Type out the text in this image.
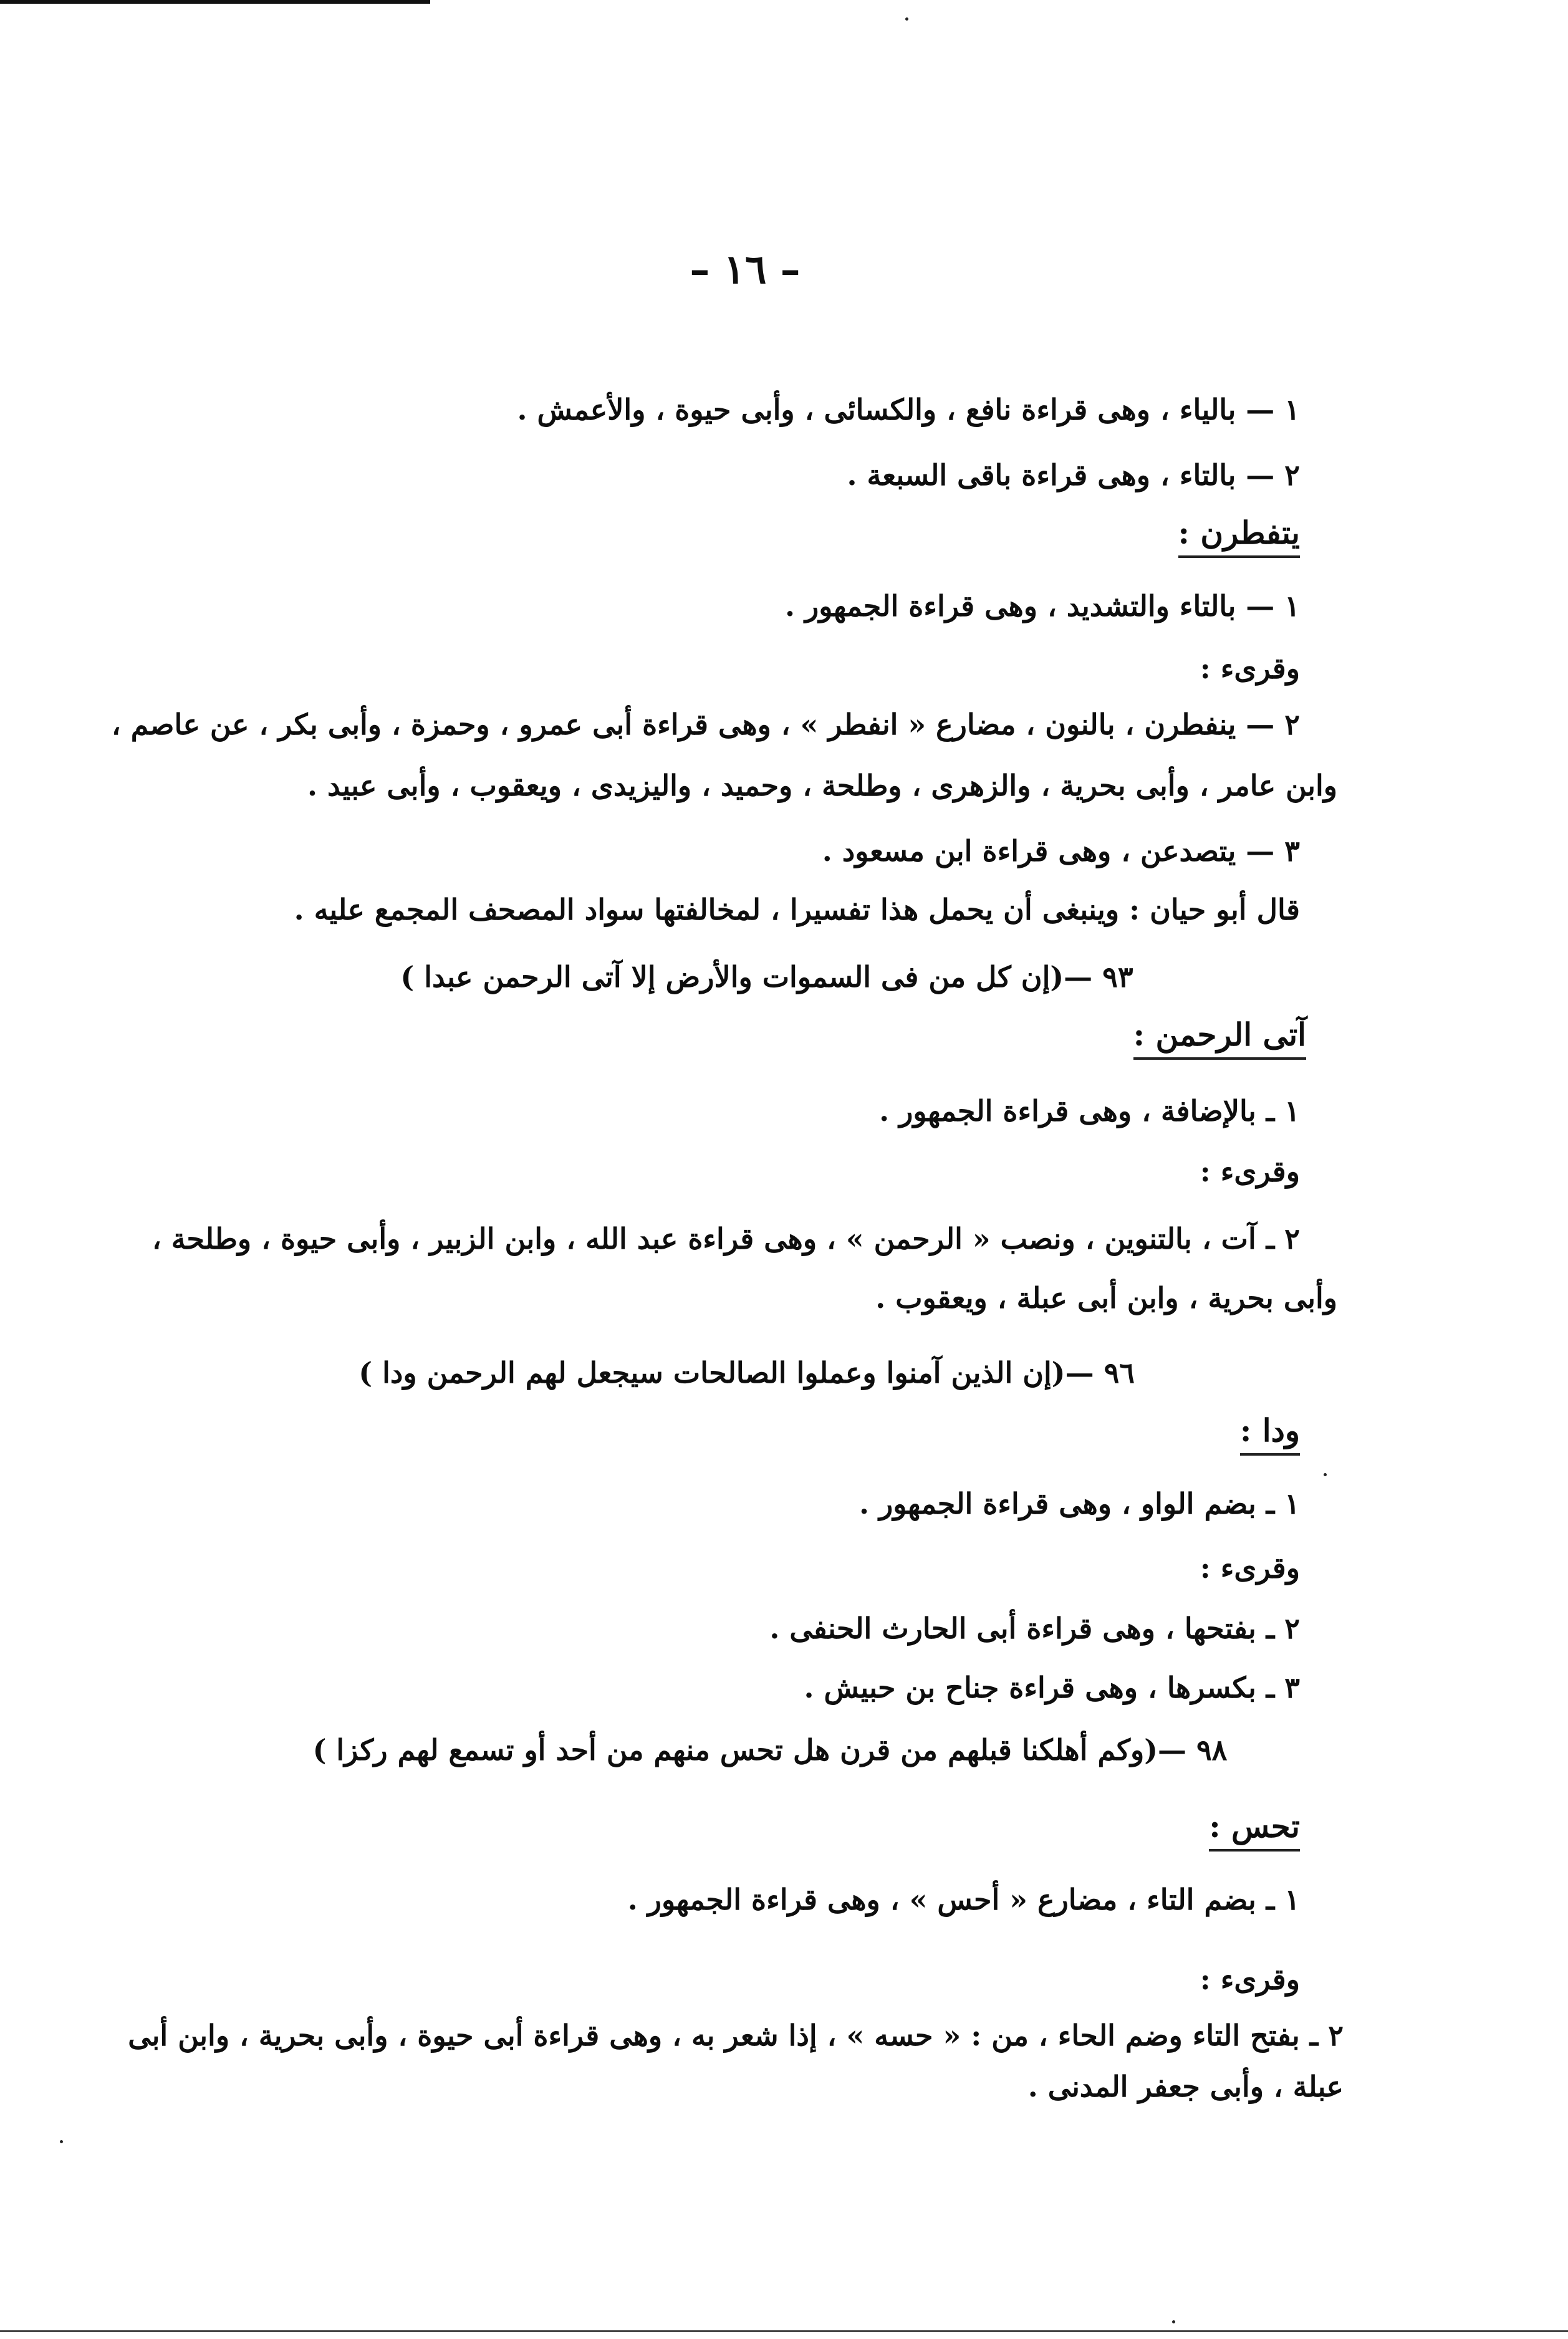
– ١٦ –
١ — بالياء ، وهى قراءة نافع ، والكسائى ، وأبى حيوة ، والأعمش .
٢ — بالتاء ، وهى قراءة باقى السبعة .
يتفطرن :
١ — بالتاء والتشديد ، وهى قراءة الجمهور .
وقرىء :
٢ — ينفطرن ، بالنون ، مضارع « انفطر » ، وهى قراءة أبى عمرو ، وحمزة ، وأبى بكر ، عن عاصم ،
وابن عامر ، وأبى بحرية ، والزهرى ، وطلحة ، وحميد ، واليزيدى ، ويعقوب ، وأبى عبيد .
٣ — يتصدعن ، وهى قراءة ابن مسعود .
قال أبو حيان : وينبغى أن يحمل هذا تفسيرا ، لمخالفتها سواد المصحف المجمع عليه .
٩٣ —(إن كل من فى السموات والأرض إلا آتى الرحمن عبدا )
آتى الرحمن :
١ ـ بالإضافة ، وهى قراءة الجمهور .
وقرىء :
٢ ـ آت ، بالتنوين ، ونصب « الرحمن » ، وهى قراءة عبد الله ، وابن الزبير ، وأبى حيوة ، وطلحة ،
وأبى بحرية ، وابن أبى عبلة ، ويعقوب .
٩٦ —(إن الذين آمنوا وعملوا الصالحات سيجعل لهم الرحمن ودا )
ودا :
١ ـ بضم الواو ، وهى قراءة الجمهور .
وقرىء :
٢ ـ بفتحها ، وهى قراءة أبى الحارث الحنفى .
٣ ـ بكسرها ، وهى قراءة جناح بن حبيش .
٩٨ —(وكم أهلكنا قبلهم من قرن هل تحس منهم من أحد أو تسمع لهم ركزا )
تحس :
١ ـ بضم التاء ، مضارع « أحس » ، وهى قراءة الجمهور .
وقرىء :
٢ ـ بفتح التاء وضم الحاء ، من : « حسه » ، إذا شعر به ، وهى قراءة أبى حيوة ، وأبى بحرية ، وابن أبى
عبلة ، وأبى جعفر المدنى .
